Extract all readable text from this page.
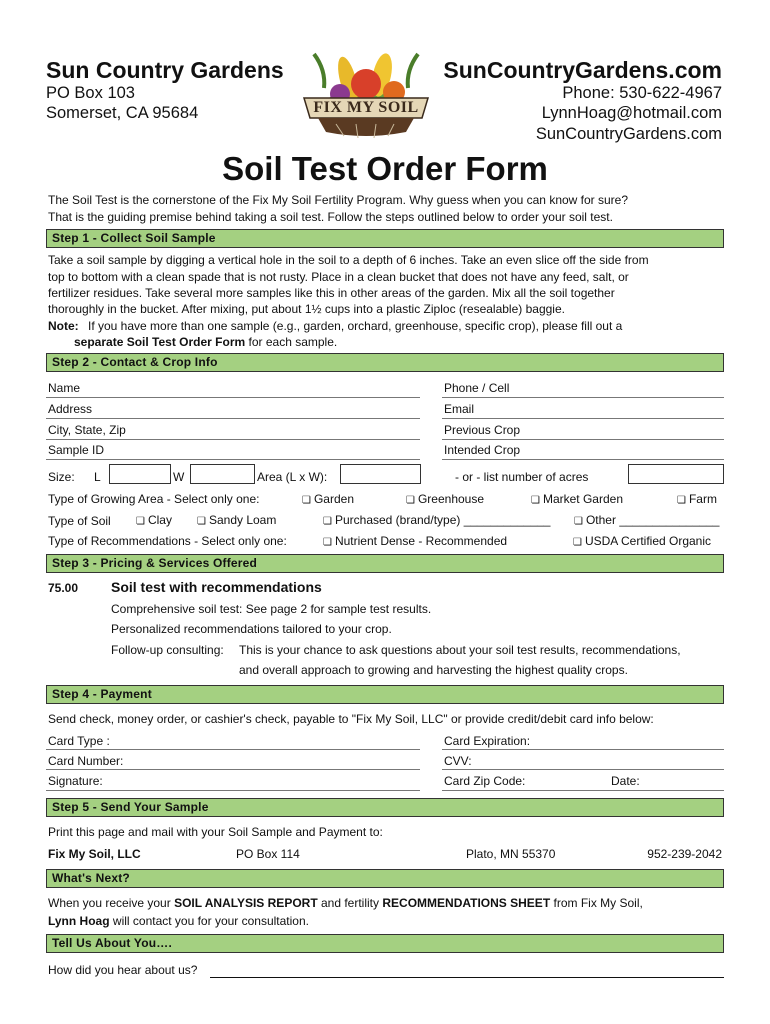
Sun Country Gardens
PO Box 103
Somerset, CA 95684	FIX MY SOIL
SunCountryGardens.com
Phone: 530-622-4967
LynnHoag@hotmail.com
SunCountryGardens.com
Soil Test Order Form
The Soil Test is the cornerstone of the Fix My Soil Fertility Program. Why guess when you can know for sure?
That is the guiding premise behind taking a soil test. Follow the steps outlined below to order your soil test.
Step 1 - Collect Soil Sample
Take a soil sample by digging a vertical hole in the soil to a depth of 6 inches. Take an even slice off the side from
top to bottom with a clean spade that is not rusty. Place in a clean bucket that does not have any feed, salt, or
fertilizer residues. Take several more samples like this in other areas of the garden. Mix all the soil together
thoroughly in the bucket. After mixing, put about 1½ cups into a plastic Ziploc (resealable) baggie.
Note: If you have more than one sample (e.g., garden, orchard, greenhouse, specific crop), please fill out a
separate Soil Test Order Form for each sample.
Step 2 - Contact & Crop Info
Name	Phone / Cell
Address	Email
City, State, Zip	Previous Crop
Sample ID	Intended Crop
Size: L	W	Area (L x W):	- or - list number of acres
Type of Growing Area - Select only one:	❏ Garden	❏ Greenhouse	❏ Market Garden	❏ Farm
Type of Soil	❏ Clay	❏ Sandy Loam	❏ Purchased (brand/type) _____________	❏ Other _______________
Type of Recommendations - Select only one:	❏ Nutrient Dense - Recommended	❏ USDA Certified Organic
Step 3 - Pricing & Services Offered
75.00 Soil test with recommendations
Comprehensive soil test: See page 2 for sample test results.
Personalized recommendations tailored to your crop.
Follow-up consulting: This is your chance to ask questions about your soil test results, recommendations,
and overall approach to growing and harvesting the highest quality crops.
Step 4 - Payment
Send check, money order, or cashier's check, payable to "Fix My Soil, LLC" or provide credit/debit card info below:
Card Type :	Card Expiration:
Card Number:	CVV:
Signature:	Card Zip Code:	Date:
Step 5 - Send Your Sample
Print this page and mail with your Soil Sample and Payment to:
Fix My Soil, LLC	PO Box 114	Plato, MN 55370	952-239-2042
What's Next?
When you receive your SOIL ANALYSIS REPORT and fertility RECOMMENDATIONS SHEET from Fix My Soil,
Lynn Hoag will contact you for your consultation.
Tell Us About You….
How did you hear about us?
